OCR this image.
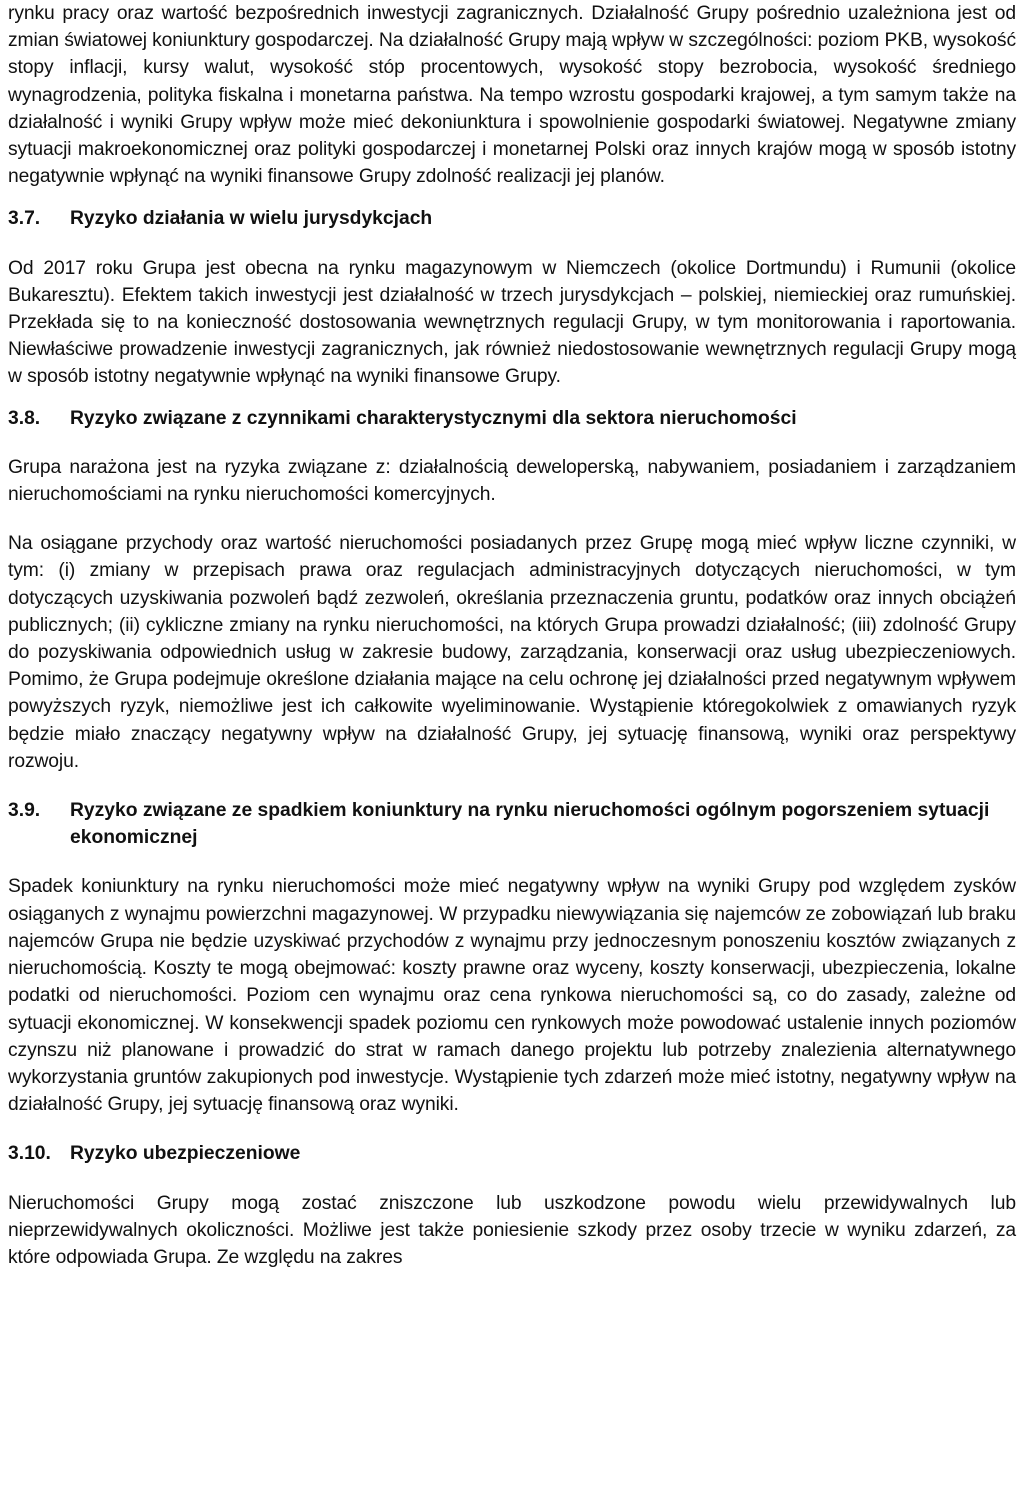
rynku pracy oraz wartość bezpośrednich inwestycji zagranicznych. Działalność Grupy pośrednio uzależniona jest od zmian światowej koniunktury gospodarczej. Na działalność Grupy mają wpływ w szczególności: poziom PKB, wysokość stopy inflacji, kursy walut, wysokość stóp procentowych, wysokość stopy bezrobocia, wysokość średniego wynagrodzenia, polityka fiskalna i monetarna państwa. Na tempo wzrostu gospodarki krajowej, a tym samym także na działalność i wyniki Grupy wpływ może mieć dekoniunktura i spowolnienie gospodarki światowej. Negatywne zmiany sytuacji makroekonomicznej oraz polityki gospodarczej i monetarnej Polski oraz innych krajów mogą w sposób istotny negatywnie wpłynąć na wyniki finansowe Grupy zdolność realizacji jej planów.

3.7.	Ryzyko działania w wielu jurysdykcjach

Od 2017 roku Grupa jest obecna na rynku magazynowym w Niemczech (okolice Dortmundu) i Rumunii (okolice Bukaresztu). Efektem takich inwestycji jest działalność w trzech jurysdykcjach – polskiej, niemieckiej oraz rumuńskiej. Przekłada się to na konieczność dostosowania wewnętrznych regulacji Grupy, w tym monitorowania i raportowania. Niewłaściwe prowadzenie inwestycji zagranicznych, jak również niedostosowanie wewnętrznych regulacji Grupy mogą w sposób istotny negatywnie wpłynąć na wyniki finansowe Grupy.

3.8.	Ryzyko związane z czynnikami charakterystycznymi dla sektora nieruchomości

Grupa narażona jest na ryzyka związane z: działalnością deweloperską, nabywaniem, posiadaniem i zarządzaniem nieruchomościami na rynku nieruchomości komercyjnych.

Na osiągane przychody oraz wartość nieruchomości posiadanych przez Grupę mogą mieć wpływ liczne czynniki, w tym: (i) zmiany w przepisach prawa oraz regulacjach administracyjnych dotyczących nieruchomości, w tym dotyczących uzyskiwania pozwoleń bądź zezwoleń, określania przeznaczenia gruntu, podatków oraz innych obciążeń publicznych; (ii) cykliczne zmiany na rynku nieruchomości, na których Grupa prowadzi działalność; (iii) zdolność Grupy do pozyskiwania odpowiednich usług w zakresie budowy, zarządzania, konserwacji oraz usług ubezpieczeniowych. Pomimo, że Grupa podejmuje określone działania mające na celu ochronę jej działalności przed negatywnym wpływem powyższych ryzyk, niemożliwe jest ich całkowite wyeliminowanie. Wystąpienie któregokolwiek z omawianych ryzyk będzie miało znaczący negatywny wpływ na działalność Grupy, jej sytuację finansową, wyniki oraz perspektywy rozwoju.

3.9.	Ryzyko związane ze spadkiem koniunktury na rynku nieruchomości ogólnym pogorszeniem sytuacji ekonomicznej

Spadek koniunktury na rynku nieruchomości może mieć negatywny wpływ na wyniki Grupy pod względem zysków osiąganych z wynajmu powierzchni magazynowej. W przypadku niewywiązania się najemców ze zobowiązań lub braku najemców Grupa nie będzie uzyskiwać przychodów z wynajmu przy jednoczesnym ponoszeniu kosztów związanych z nieruchomością. Koszty te mogą obejmować: koszty prawne oraz wyceny, koszty konserwacji, ubezpieczenia, lokalne podatki od nieruchomości. Poziom cen wynajmu oraz cena rynkowa nieruchomości są, co do zasady, zależne od sytuacji ekonomicznej. W konsekwencji spadek poziomu cen rynkowych może powodować ustalenie innych poziomów czynszu niż planowane i prowadzić do strat w ramach danego projektu lub potrzeby znalezienia alternatywnego wykorzystania gruntów zakupionych pod inwestycje. Wystąpienie tych zdarzeń może mieć istotny, negatywny wpływ na działalność Grupy, jej sytuację finansową oraz wyniki.

3.10. Ryzyko ubezpieczeniowe

Nieruchomości Grupy mogą zostać zniszczone lub uszkodzone powodu wielu przewidywalnych lub nieprzewidywalnych okoliczności. Możliwe jest także poniesienie szkody przez osoby trzecie w wyniku zdarzeń, za które odpowiada Grupa. Ze względu na zakres
